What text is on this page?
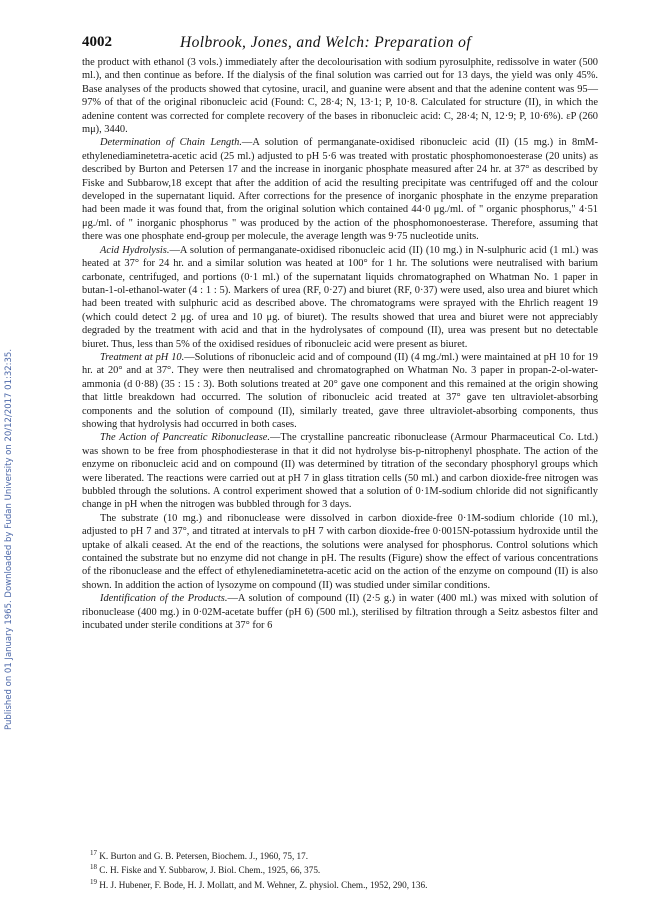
Published on 01 January 1965. Downloaded by Fudan University on 20/12/2017 01:32:35.
4002	Holbrook, Jones, and Welch: Preparation of

the product with ethanol (3 vols.) immediately after the decolourisation with sodium pyrosulphite, redissolve in water (500 ml.), and then continue as before. If the dialysis of the final solution was carried out for 13 days, the yield was only 45%. Base analyses of the products showed that cytosine, uracil, and guanine were absent and that the adenine content was 95—97% of that of the original ribonucleic acid (Found: C, 28·4; N, 13·1; P, 10·8. Calculated for structure (II), in which the adenine content was corrected for complete recovery of the bases in ribonucleic acid: C, 28·4; N, 12·9; P, 10·6%). εP (260 mμ), 3440.

Determination of Chain Length.—A solution of permanganate-oxidised ribonucleic acid (II) (15 mg.) in 8mM-ethylenediaminetetra-acetic acid (25 ml.) adjusted to pH 5·6 was treated with prostatic phosphomonoesterase (20 units) as described by Burton and Petersen 17 and the increase in inorganic phosphate measured after 24 hr. at 37° as described by Fiske and Subbarow,18 except that after the addition of acid the resulting precipitate was centrifuged off and the colour developed in the supernatant liquid. After corrections for the presence of inorganic phosphate in the enzyme preparation had been made it was found that, from the original solution which contained 44·0 μg./ml. of " organic phosphorus," 4·51 μg./ml. of " inorganic phosphorus " was produced by the action of the phosphomonoesterase. Therefore, assuming that there was one phosphate end-group per molecule, the average length was 9·75 nucleotide units.

Acid Hydrolysis.—A solution of permanganate-oxidised ribonucleic acid (II) (10 mg.) in N-sulphuric acid (1 ml.) was heated at 37° for 24 hr. and a similar solution was heated at 100° for 1 hr. The solutions were neutralised with barium carbonate, centrifuged, and portions (0·1 ml.) of the supernatant liquids chromatographed on Whatman No. 1 paper in butan-1-ol-ethanol-water (4 : 1 : 5). Markers of urea (RF, 0·27) and biuret (RF, 0·37) were used, also urea and biuret which had been treated with sulphuric acid as described above. The chromatograms were sprayed with the Ehrlich reagent 19 (which could detect 2 μg. of urea and 10 μg. of biuret). The results showed that urea and biuret were not appreciably degraded by the treatment with acid and that in the hydrolysates of compound (II), urea was present but no detectable biuret. Thus, less than 5% of the oxidised residues of ribonucleic acid were present as biuret.

Treatment at pH 10.—Solutions of ribonucleic acid and of compound (II) (4 mg./ml.) were maintained at pH 10 for 19 hr. at 20° and at 37°. They were then neutralised and chromatographed on Whatman No. 3 paper in propan-2-ol-water-ammonia (d 0·88) (35 : 15 : 3). Both solutions treated at 20° gave one component and this remained at the origin showing that little breakdown had occurred. The solution of ribonucleic acid treated at 37° gave ten ultraviolet-absorbing components and the solution of compound (II), similarly treated, gave three ultraviolet-absorbing components, thus showing that hydrolysis had occurred in both cases.

The Action of Pancreatic Ribonuclease.—The crystalline pancreatic ribonuclease (Armour Pharmaceutical Co. Ltd.) was shown to be free from phosphodiesterase in that it did not hydrolyse bis-p-nitrophenyl phosphate. The action of the enzyme on ribonucleic acid and on compound (II) was determined by titration of the secondary phosphoryl groups which were liberated. The reactions were carried out at pH 7 in glass titration cells (50 ml.) and carbon dioxide-free nitrogen was bubbled through the solutions. A control experiment showed that a solution of 0·1M-sodium chloride did not significantly change in pH when the nitrogen was bubbled through for 3 days.

The substrate (10 mg.) and ribonuclease were dissolved in carbon dioxide-free 0·1M-sodium chloride (10 ml.), adjusted to pH 7 and 37°, and titrated at intervals to pH 7 with carbon dioxide-free 0·0015N-potassium hydroxide until the uptake of alkali ceased. At the end of the reactions, the solutions were analysed for phosphorus. Control solutions which contained the substrate but no enzyme did not change in pH. The results (Figure) show the effect of various concentrations of the ribonuclease and the effect of ethylenediaminetetra-acetic acid on the action of the enzyme on compound (II) is also shown. In addition the action of lysozyme on compound (II) was studied under similar conditions.

Identification of the Products.—A solution of compound (II) (2·5 g.) in water (400 ml.) was mixed with solution of ribonuclease (400 mg.) in 0·02M-acetate buffer (pH 6) (500 ml.), sterilised by filtration through a Seitz asbestos filter and incubated under sterile conditions at 37° for 6

$^{17}$ K. Burton and G. B. Petersen, Biochem. J., 1960, 75, 17.

$^{18}$ C. H. Fiske and Y. Subbarow, J. Biol. Chem., 1925, 66, 375.

$^{19}$ H. J. Hubener, F. Bode, H. J. Mollatt, and M. Wehner, Z. physiol. Chem., 1952, 290, 136.
